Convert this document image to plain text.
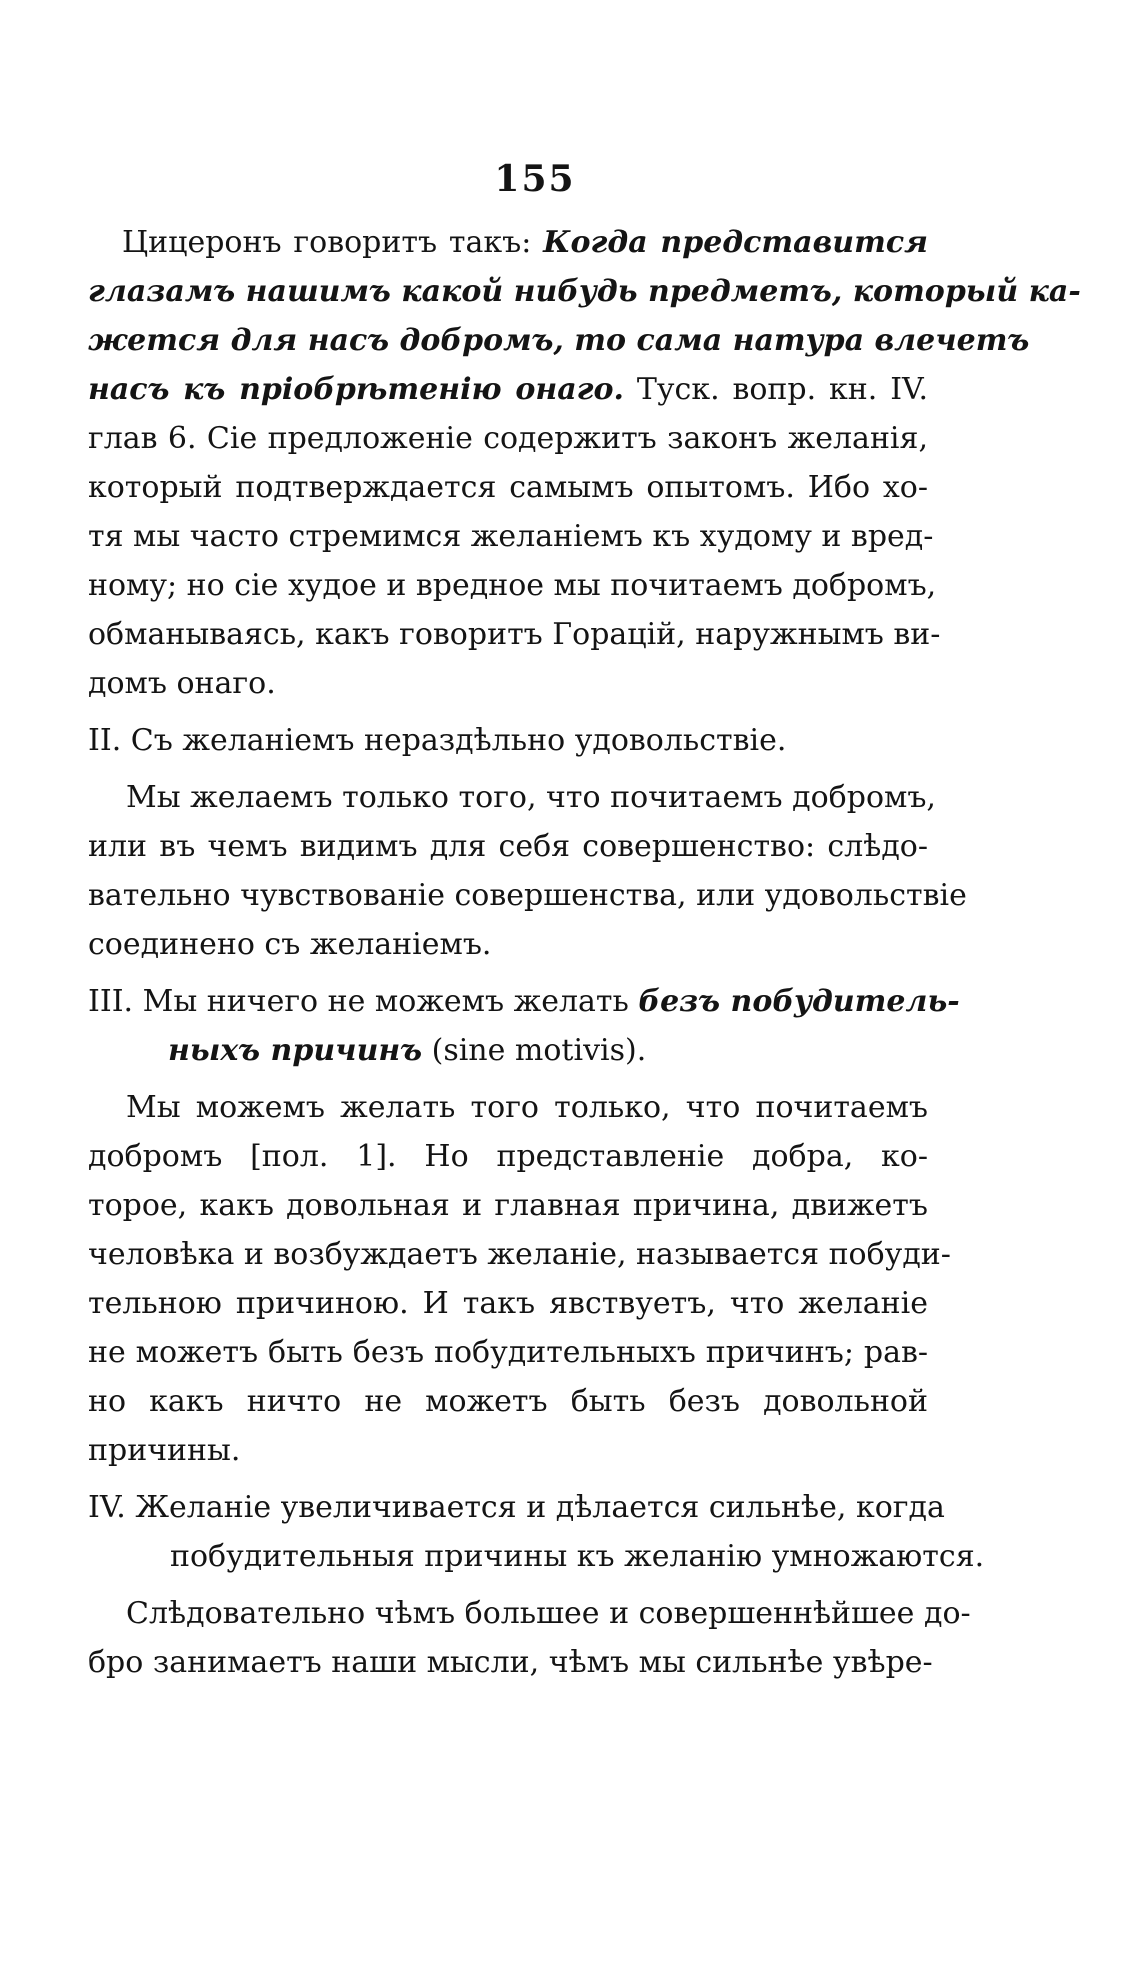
155
Цицеронъ говоритъ такъ: Когда представится
глазамъ нашимъ какой нибудь предметъ, который ка-
жется для насъ добромъ, то сама натура влечетъ
насъ къ пріобрѣтенію онаго. Туск. вопр. кн. IV.
глав 6. Сіе предложеніе содержитъ законъ желанія,
который подтверждается самымъ опытомъ. Ибо хо-
тя мы часто стремимся желаніемъ къ худому и вред-
ному; но сіе худое и вредное мы почитаемъ добромъ,
обманываясь, какъ говоритъ Горацій, наружнымъ ви-
домъ онаго.
II. Съ желаніемъ нераздѣльно удовольствіе.
Мы желаемъ только того, что почитаемъ добромъ,
или въ чемъ видимъ для себя совершенство: слѣдо-
вательно чувствованіе совершенства, или удовольствіе
соединено съ желаніемъ.
III. Мы ничего не можемъ желать безъ побудитель-
ныхъ причинъ (sine motivis).
Мы можемъ желать того только, что почитаемъ
добромъ [пол. 1]. Но представленіе добра, ко-
торое, какъ довольная и главная причина, движетъ
человѣка и возбуждаетъ желаніе, называется побуди-
тельною причиною. И такъ явствуетъ, что желаніе
не можетъ быть безъ побудительныхъ причинъ; рав-
но какъ ничто не можетъ быть безъ довольной
причины.
IV. Желаніе увеличивается и дѣлается сильнѣе, когда
побудительныя причины къ желанію умножаются.
Слѣдовательно чѣмъ большее и совершеннѣйшее до-
бро занимаетъ наши мысли, чѣмъ мы сильнѣе увѣре-
